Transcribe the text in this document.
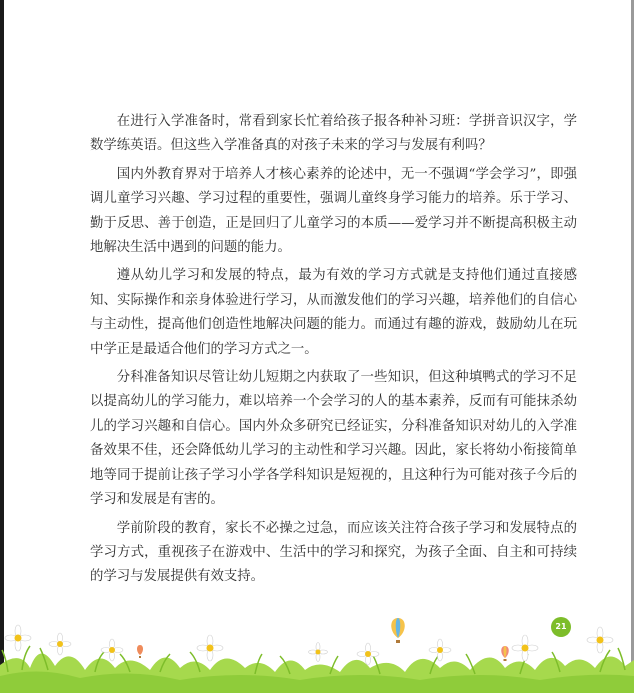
在进行入学准备时，常看到家长忙着给孩子报各种补习班：学拼音识汉字，学数学练英语。但这些入学准备真的对孩子未来的学习与发展有利吗？

国内外教育界对于培养人才核心素养的论述中，无一不强调“学会学习”，即强调儿童学习兴趣、学习过程的重要性，强调儿童终身学习能力的培养。乐于学习、勤于反思、善于创造，正是回归了儿童学习的本质——爱学习并不断提高积极主动地解决生活中遇到的问题的能力。

遵从幼儿学习和发展的特点，最为有效的学习方式就是支持他们通过直接感知、实际操作和亲身体验进行学习，从而激发他们的学习兴趣，培养他们的自信心与主动性，提高他们创造性地解决问题的能力。而通过有趣的游戏，鼓励幼儿在玩中学正是最适合他们的学习方式之一。

分科准备知识尽管让幼儿短期之内获取了一些知识，但这种填鸭式的学习不足以提高幼儿的学习能力，难以培养一个会学习的人的基本素养，反而有可能抹杀幼儿的学习兴趣和自信心。国内外众多研究已经证实，分科准备知识对幼儿的入学准备效果不佳，还会降低幼儿学习的主动性和学习兴趣。因此，家长将幼小衔接简单地等同于提前让孩子学习小学各学科知识是短视的，且这种行为可能对孩子今后的学习和发展是有害的。

学前阶段的教育，家长不必操之过急，而应该关注符合孩子学习和发展特点的学习方式，重视孩子在游戏中、生活中的学习和探究，为孩子全面、自主和可持续的学习与发展提供有效支持。

21
